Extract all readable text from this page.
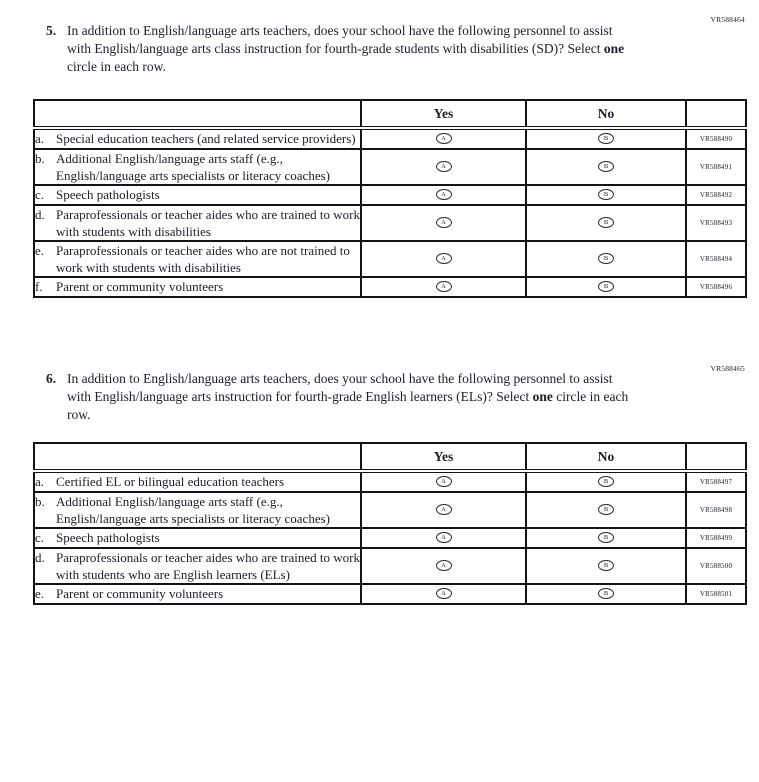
VR588464
5. In addition to English/language arts teachers, does your school have the following personnel to assist with English/language arts class instruction for fourth-grade students with disabilities (SD)? Select one circle in each row.

	Yes	No	

a. Special education teachers (and related service providers)	A	B	VR588490

b. Additional English/language arts staff (e.g., English/language arts specialists or literacy coaches)	A	B	VR588491

c. Speech pathologists	A	B	VR588492

d. Paraprofessionals or teacher aides who are trained to work with students with disabilities	A	B	VR588493

e. Paraprofessionals or teacher aides who are not trained to work with students with disabilities	A	B	VR588494

f. Parent or community volunteers	A	B	VR588496
VR588465
6. In addition to English/language arts teachers, does your school have the following personnel to assist with English/language arts instruction for fourth-grade English learners (ELs)? Select one circle in each row.

	Yes	No	

a. Certified EL or bilingual education teachers	A	B	VR588497

b. Additional English/language arts staff (e.g., English/language arts specialists or literacy coaches)	A	B	VR588498

c. Speech pathologists	A	B	VR588499

d. Paraprofessionals or teacher aides who are trained to work with students who are English learners (ELs)	A	B	VR588500

e. Parent or community volunteers	A	B	VR588501
